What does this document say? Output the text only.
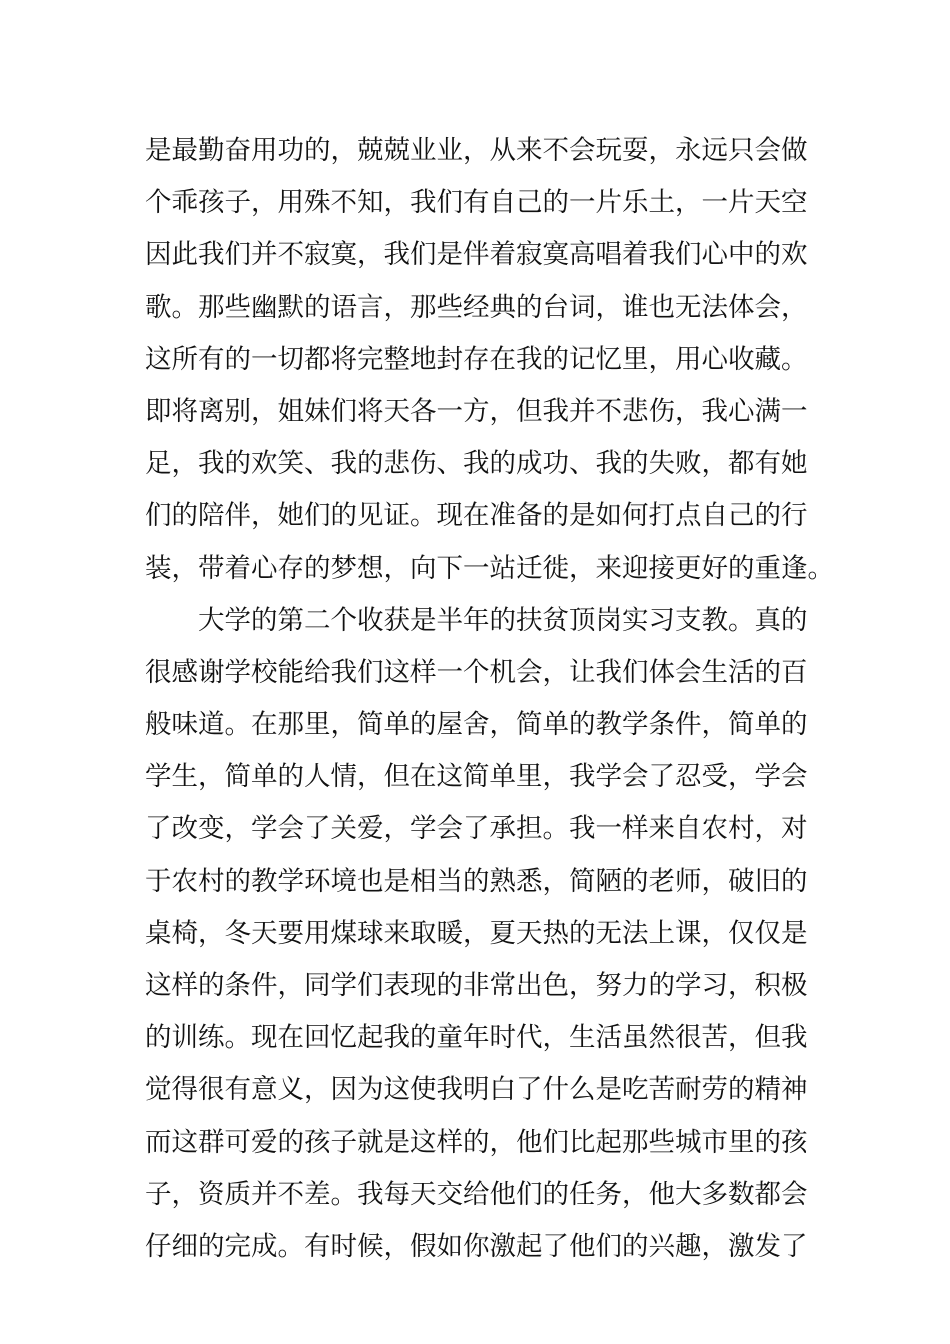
是最勤奋用功的，兢兢业业，从来不会玩耍，永远只会做
个乖孩子，用殊不知，我们有自己的一片乐土，一片天空
因此我们并不寂寞，我们是伴着寂寞高唱着我们心中的欢
歌。那些幽默的语言，那些经典的台词，谁也无法体会，
这所有的一切都将完整地封存在我的记忆里，用心收藏。
即将离别，姐妹们将天各一方，但我并不悲伤，我心满一
足，我的欢笑、我的悲伤、我的成功、我的失败，都有她
们的陪伴，她们的见证。现在准备的是如何打点自己的行
装，带着心存的梦想，向下一站迁徙，来迎接更好的重逢。
大学的第二个收获是半年的扶贫顶岗实习支教。真的
很感谢学校能给我们这样一个机会，让我们体会生活的百
般味道。在那里，简单的屋舍，简单的教学条件，简单的
学生，简单的人情，但在这简单里，我学会了忍受，学会
了改变，学会了关爱，学会了承担。我一样来自农村，对
于农村的教学环境也是相当的熟悉，简陋的老师，破旧的
桌椅，冬天要用煤球来取暖，夏天热的无法上课，仅仅是
这样的条件，同学们表现的非常出色，努力的学习，积极
的训练。现在回忆起我的童年时代，生活虽然很苦，但我
觉得很有意义，因为这使我明白了什么是吃苦耐劳的精神
而这群可爱的孩子就是这样的，他们比起那些城市里的孩
子，资质并不差。我每天交给他们的任务，他大多数都会
仔细的完成。有时候，假如你激起了他们的兴趣，激发了
